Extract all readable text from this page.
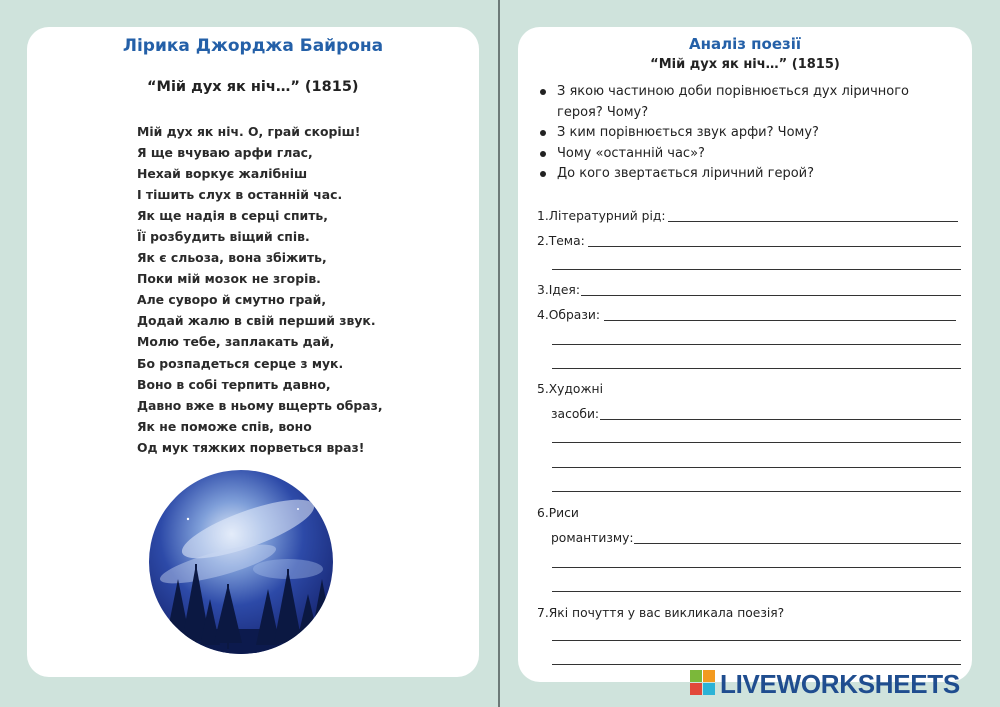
Лірика Джорджа Байрона
“Мій дух як ніч…” (1815)
Мій дух як ніч. О, грай скоріш!
Я ще вчуваю арфи глас,
Нехай воркує жалібніш
І тішить слух в останній час.
Як ще надія в серці спить,
Її розбудить віщий спів.
Як є сльоза, вона збіжить,
Поки мій мозок не згорів.
Але суворо й смутно грай,
Додай жалю в свій перший звук.
Молю тебе, заплакать дай,
Бо розпадеться серце з мук.
Воно в собі терпить давно,
Давно вже в ньому вщерть образ,
Як не поможе спів, воно
Од мук тяжких порветься враз!
Аналіз поезії
“Мій дух як ніч…” (1815)
З якою частиною доби порівнюється дух ліричного
героя? Чому?
З ким порівнюється звук арфи? Чому?
Чому «останній час»?
До кого звертається ліричний герой?
1.Літературний рід:
2.Тема:
3.Ідея:
4.Образи:
5.Художні
засоби:
6.Риси
романтизму:
7.Які почуття у вас викликала поезія?
LIVEWORKSHEETS
